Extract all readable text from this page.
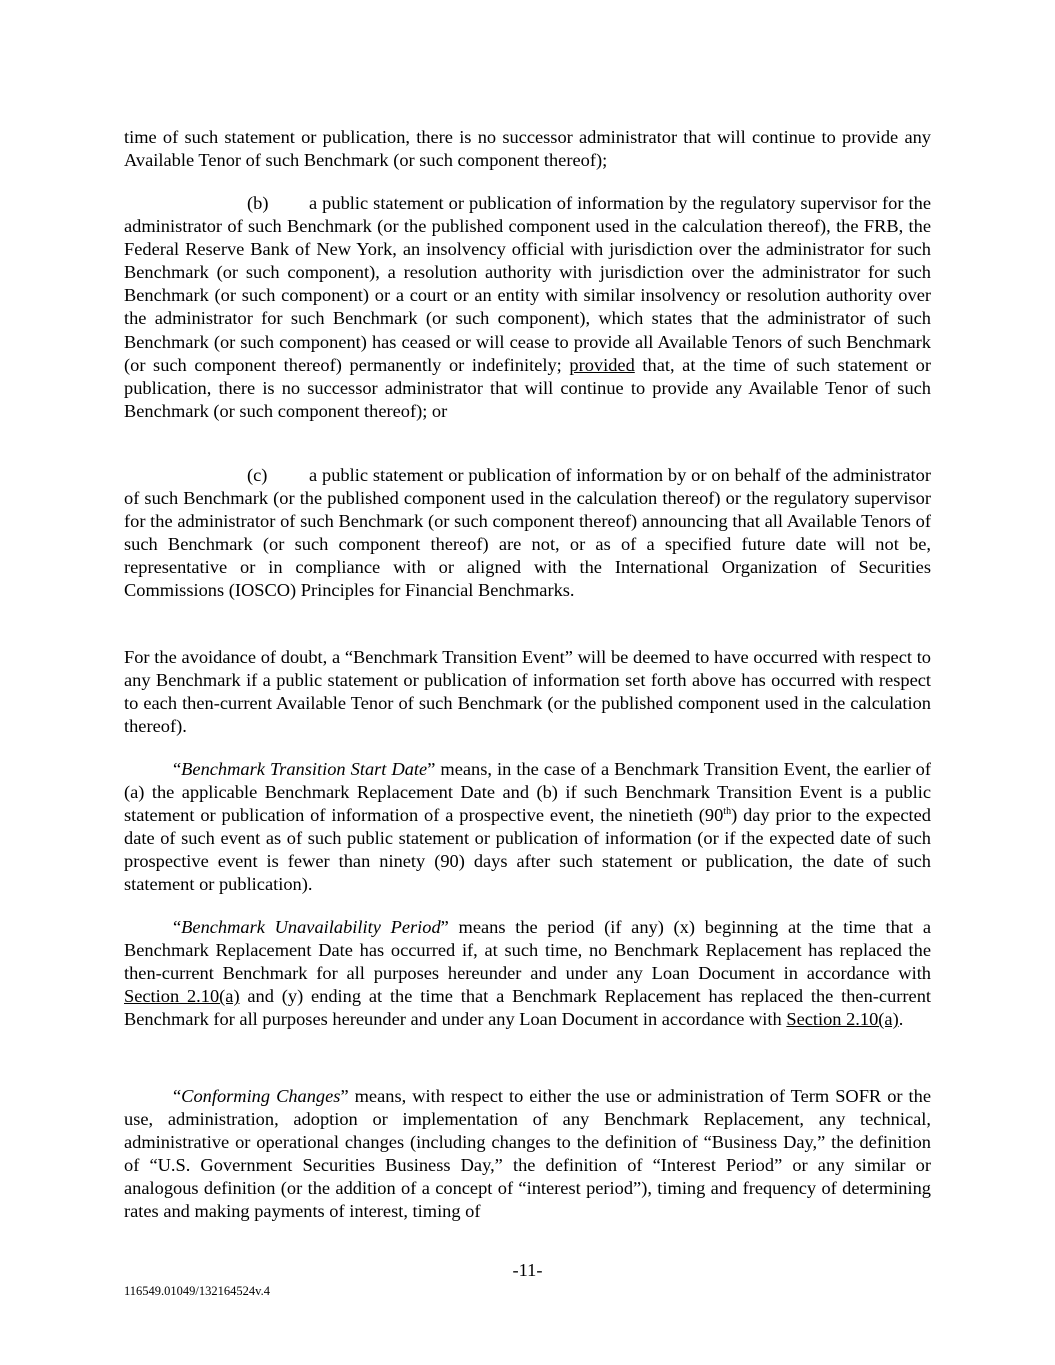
time of such statement or publication, there is no successor administrator that will continue to provide any Available Tenor of such Benchmark (or such component thereof);

(b) a public statement or publication of information by the regulatory supervisor for the administrator of such Benchmark (or the published component used in the calculation thereof), the FRB, the Federal Reserve Bank of New York, an insolvency official with jurisdiction over the administrator for such Benchmark (or such component), a resolution authority with jurisdiction over the administrator for such Benchmark (or such component) or a court or an entity with similar insolvency or resolution authority over the administrator for such Benchmark (or such component), which states that the administrator of such Benchmark (or such component) has ceased or will cease to provide all Available Tenors of such Benchmark (or such component thereof) permanently or indefinitely; provided that, at the time of such statement or publication, there is no successor administrator that will continue to provide any Available Tenor of such Benchmark (or such component thereof); or

(c) a public statement or publication of information by or on behalf of the administrator of such Benchmark (or the published component used in the calculation thereof) or the regulatory supervisor for the administrator of such Benchmark (or such component thereof) announcing that all Available Tenors of such Benchmark (or such component thereof) are not, or as of a specified future date will not be, representative or in compliance with or aligned with the International Organization of Securities Commissions (IOSCO) Principles for Financial Benchmarks.

For the avoidance of doubt, a “Benchmark Transition Event” will be deemed to have occurred with respect to any Benchmark if a public statement or publication of information set forth above has occurred with respect to each then-current Available Tenor of such Benchmark (or the published component used in the calculation thereof).

“Benchmark Transition Start Date” means, in the case of a Benchmark Transition Event, the earlier of (a) the applicable Benchmark Replacement Date and (b) if such Benchmark Transition Event is a public statement or publication of information of a prospective event, the ninetieth (90th) day prior to the expected date of such event as of such public statement or publication of information (or if the expected date of such prospective event is fewer than ninety (90) days after such statement or publication, the date of such statement or publication).

“Benchmark Unavailability Period” means the period (if any) (x) beginning at the time that a Benchmark Replacement Date has occurred if, at such time, no Benchmark Replacement has replaced the then-current Benchmark for all purposes hereunder and under any Loan Document in accordance with Section 2.10(a) and (y) ending at the time that a Benchmark Replacement has replaced the then-current Benchmark for all purposes hereunder and under any Loan Document in accordance with Section 2.10(a).

“Conforming Changes” means, with respect to either the use or administration of Term SOFR or the use, administration, adoption or implementation of any Benchmark Replacement, any technical, administrative or operational changes (including changes to the definition of “Business Day,” the definition of “U.S. Government Securities Business Day,” the definition of “Interest Period” or any similar or analogous definition (or the addition of a concept of “interest period”), timing and frequency of determining rates and making payments of interest, timing of

-11-
116549.01049/132164524v.4
